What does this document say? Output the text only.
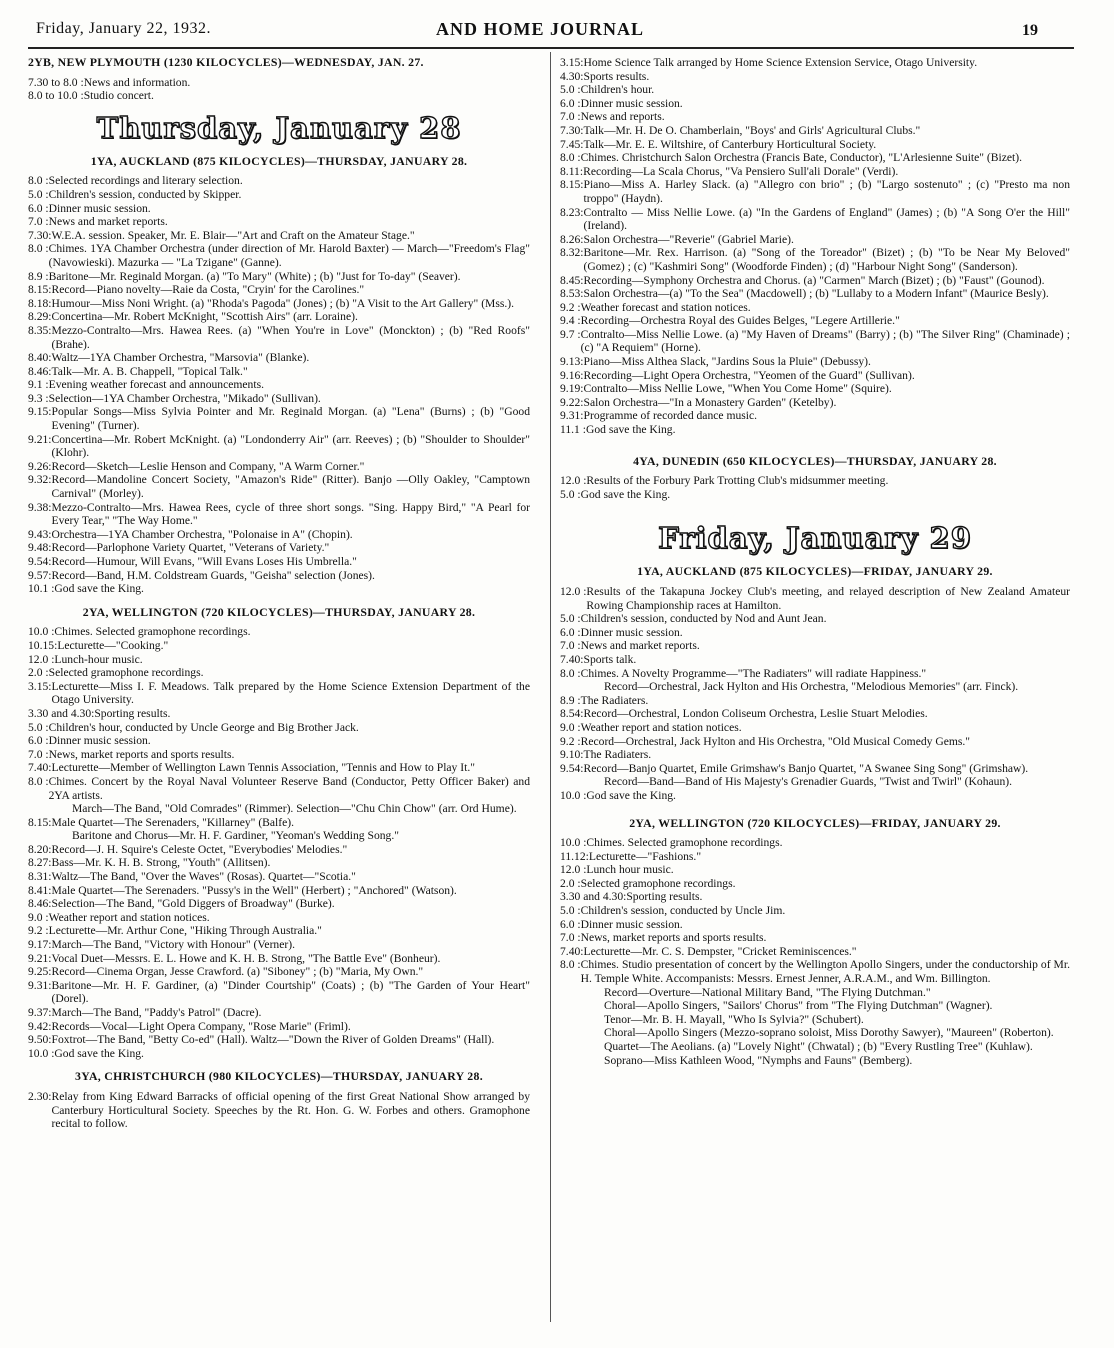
Friday, January 22, 1932.	AND HOME JOURNAL	19
2YB, NEW PLYMOUTH (1230 KILOCYCLES)—WEDNESDAY, JAN. 27.
7.30 to 8.0 : News and information.
8.0 to 10.0 : Studio concert.
Thursday, January 28
1YA, AUCKLAND (875 KILOCYCLES)—THURSDAY, JANUARY 28.
8.0 : Selected recordings and literary selection.
5.0 : Children's session, conducted by Skipper.
6.0 : Dinner music session.
7.0 : News and market reports.
7.30: W.E.A. session. Speaker, Mr. E. Blair—"Art and Craft on the Amateur Stage."
8.0 : Chimes. 1YA Chamber Orchestra (under direction of Mr. Harold Baxter) — March—"Freedom's Flag" (Navowieski). Mazurka — "La Tzigane" (Ganne).
8.9 : Baritone—Mr. Reginald Morgan. (a) "To Mary" (White) ; (b) "Just for To-day" (Seaver).
8.15: Record—Piano novelty—Raie da Costa, "Cryin' for the Carolines."
8.18: Humour—Miss Noni Wright. (a) "Rhoda's Pagoda" (Jones) ; (b) "A Visit to the Art Gallery" (Mss.).
8.29: Concertina—Mr. Robert McKnight, "Scottish Airs" (arr. Loraine).
8.35: Mezzo-Contralto—Mrs. Hawea Rees. (a) "When You're in Love" (Monckton) ; (b) "Red Roofs" (Brahe).
8.40: Waltz—1YA Chamber Orchestra, "Marsovia" (Blanke).
8.46: Talk—Mr. A. B. Chappell, "Topical Talk."
9.1 : Evening weather forecast and announcements.
9.3 : Selection—1YA Chamber Orchestra, "Mikado" (Sullivan).
9.15: Popular Songs—Miss Sylvia Pointer and Mr. Reginald Morgan. (a) "Lena" (Burns) ; (b) "Good Evening" (Turner).
9.21: Concertina—Mr. Robert McKnight. (a) "Londonderry Air" (arr. Reeves) ; (b) "Shoulder to Shoulder" (Klohr).
9.26: Record—Sketch—Leslie Henson and Company, "A Warm Corner."
9.32: Record—Mandoline Concert Society, "Amazon's Ride" (Ritter). Banjo —Olly Oakley, "Camptown Carnival" (Morley).
9.38: Mezzo-Contralto—Mrs. Hawea Rees, cycle of three short songs. "Sing. Happy Bird," "A Pearl for Every Tear," "The Way Home."
9.43: Orchestra—1YA Chamber Orchestra, "Polonaise in A" (Chopin).
9.48: Record—Parlophone Variety Quartet, "Veterans of Variety."
9.54: Record—Humour, Will Evans, "Will Evans Loses His Umbrella."
9.57: Record—Band, H.M. Coldstream Guards, "Geisha" selection (Jones).
10.1 : God save the King.
2YA, WELLINGTON (720 KILOCYCLES)—THURSDAY, JANUARY 28.
10.0 : Chimes. Selected gramophone recordings.
10.15: Lecturette—"Cooking."
12.0 : Lunch-hour music.
2.0 : Selected gramophone recordings.
3.15: Lecturette—Miss I. F. Meadows. Talk prepared by the Home Science Extension Department of the Otago University.
3.30 and 4.30: Sporting results.
5.0 : Children's hour, conducted by Uncle George and Big Brother Jack.
6.0 : Dinner music session.
7.0 : News, market reports and sports results.
7.40: Lecturette—Member of Wellington Lawn Tennis Association, "Tennis and How to Play It."
8.0 : Chimes. Concert by the Royal Naval Volunteer Reserve Band (Conductor, Petty Officer Baker) and 2YA artists.
March—The Band, "Old Comrades" (Rimmer). Selection—"Chu Chin Chow" (arr. Ord Hume).
8.15: Male Quartet—The Serenaders, "Killarney" (Balfe).
Baritone and Chorus—Mr. H. F. Gardiner, "Yeoman's Wedding Song."
8.20: Record—J. H. Squire's Celeste Octet, "Everybodies' Melodies."
8.27: Bass—Mr. K. H. B. Strong, "Youth" (Allitsen).
8.31: Waltz—The Band, "Over the Waves" (Rosas). Quartet—"Scotia."
8.41: Male Quartet—The Serenaders. "Pussy's in the Well" (Herbert) ; "Anchored" (Watson).
8.46: Selection—The Band, "Gold Diggers of Broadway" (Burke).
9.0 : Weather report and station notices.
9.2 : Lecturette—Mr. Arthur Cone, "Hiking Through Australia."
9.17: March—The Band, "Victory with Honour" (Verner).
9.21: Vocal Duet—Messrs. E. L. Howe and K. H. B. Strong, "The Battle Eve" (Bonheur).
9.25: Record—Cinema Organ, Jesse Crawford. (a) "Siboney" ; (b) "Maria, My Own."
9.31: Baritone—Mr. H. F. Gardiner, (a) "Dinder Courtship" (Coats) ; (b) "The Garden of Your Heart" (Dorel).
9.37: March—The Band, "Paddy's Patrol" (Dacre).
9.42: Records—Vocal—Light Opera Company, "Rose Marie" (Friml).
9.50: Foxtrot—The Band, "Betty Co-ed" (Hall). Waltz—"Down the River of Golden Dreams" (Hall).
10.0 : God save the King.
3YA, CHRISTCHURCH (980 KILOCYCLES)—THURSDAY, JANUARY 28.
2.30: Relay from King Edward Barracks of official opening of the first Great National Show arranged by Canterbury Horticultural Society. Speeches by the Rt. Hon. G. W. Forbes and others. Gramophone recital to follow.
3.15: Home Science Talk arranged by Home Science Extension Service, Otago University.
4.30: Sports results.
5.0 : Children's hour.
6.0 : Dinner music session.
7.0 : News and reports.
7.30: Talk—Mr. H. De O. Chamberlain, "Boys' and Girls' Agricultural Clubs."
7.45: Talk—Mr. E. E. Wiltshire, of Canterbury Horticultural Society.
8.0 : Chimes. Christchurch Salon Orchestra (Francis Bate, Conductor), "L'Arlesienne Suite" (Bizet).
8.11: Recording—La Scala Chorus, "Va Pensiero Sull'ali Dorale" (Verdi).
8.15: Piano—Miss A. Harley Slack. (a) "Allegro con brio" ; (b) "Largo sostenuto" ; (c) "Presto ma non troppo" (Haydn).
8.23: Contralto — Miss Nellie Lowe. (a) "In the Gardens of England" (James) ; (b) "A Song O'er the Hill" (Ireland).
8.26: Salon Orchestra—"Reverie" (Gabriel Marie).
8.32: Baritone—Mr. Rex. Harrison. (a) "Song of the Toreador" (Bizet) ; (b) "To be Near My Beloved" (Gomez) ; (c) "Kashmiri Song" (Woodforde Finden) ; (d) "Harbour Night Song" (Sanderson).
8.45: Recording—Symphony Orchestra and Chorus. (a) "Carmen" March (Bizet) ; (b) "Faust" (Gounod).
8.53: Salon Orchestra—(a) "To the Sea" (Macdowell) ; (b) "Lullaby to a Modern Infant" (Maurice Besly).
9.2 : Weather forecast and station notices.
9.4 : Recording—Orchestra Royal des Guides Belges, "Legere Artillerie."
9.7 : Contralto—Miss Nellie Lowe. (a) "My Haven of Dreams" (Barry) ; (b) "The Silver Ring" (Chaminade) ; (c) "A Requiem" (Horne).
9.13: Piano—Miss Althea Slack, "Jardins Sous la Pluie" (Debussy).
9.16: Recording—Light Opera Orchestra, "Yeomen of the Guard" (Sullivan).
9.19: Contralto—Miss Nellie Lowe, "When You Come Home" (Squire).
9.22: Salon Orchestra—"In a Monastery Garden" (Ketelby).
9.31: Programme of recorded dance music.
11.1 : God save the King.
4YA, DUNEDIN (650 KILOCYCLES)—THURSDAY, JANUARY 28.
12.0 : Results of the Forbury Park Trotting Club's midsummer meeting.
5.0 : God save the King.
Friday, January 29
1YA, AUCKLAND (875 KILOCYCLES)—FRIDAY, JANUARY 29.
12.0 : Results of the Takapuna Jockey Club's meeting, and relayed description of New Zealand Amateur Rowing Championship races at Hamilton.
5.0 : Children's session, conducted by Nod and Aunt Jean.
6.0 : Dinner music session.
7.0 : News and market reports.
7.40: Sports talk.
8.0 : Chimes. A Novelty Programme—"The Radiaters" will radiate Happiness."
Record—Orchestral, Jack Hylton and His Orchestra, "Melodious Memories" (arr. Finck).
8.9 : The Radiaters.
8.54: Record—Orchestral, London Coliseum Orchestra, Leslie Stuart Melodies.
9.0 : Weather report and station notices.
9.2 : Record—Orchestral, Jack Hylton and His Orchestra, "Old Musical Comedy Gems."
9.10: The Radiaters.
9.54: Record—Banjo Quartet, Emile Grimshaw's Banjo Quartet, "A Swanee Sing Song" (Grimshaw).
Record—Band—Band of His Majesty's Grenadier Guards, "Twist and Twirl" (Kohaun).
10.0 : God save the King.
2YA, WELLINGTON (720 KILOCYCLES)—FRIDAY, JANUARY 29.
10.0 : Chimes. Selected gramophone recordings.
11.12: Lecturette—"Fashions."
12.0 : Lunch hour music.
2.0 : Selected gramophone recordings.
3.30 and 4.30: Sporting results.
5.0 : Children's session, conducted by Uncle Jim.
6.0 : Dinner music session.
7.0 : News, market reports and sports results.
7.40: Lecturette—Mr. C. S. Dempster, "Cricket Reminiscences."
8.0 : Chimes. Studio presentation of concert by the Wellington Apollo Singers, under the conductorship of Mr. H. Temple White. Accompanists: Messrs. Ernest Jenner, A.R.A.M., and Wm. Billington.
Record—Overture—National Military Band, "The Flying Dutchman."
Choral—Apollo Singers, "Sailors' Chorus" from "The Flying Dutchman" (Wagner).
Tenor—Mr. B. H. Mayall, "Who Is Sylvia?" (Schubert).
Choral—Apollo Singers (Mezzo-soprano soloist, Miss Dorothy Sawyer), "Maureen" (Roberton).
Quartet—The Aeolians. (a) "Lovely Night" (Chwatal) ; (b) "Every Rustling Tree" (Kuhlaw).
Soprano—Miss Kathleen Wood, "Nymphs and Fauns" (Bemberg).
